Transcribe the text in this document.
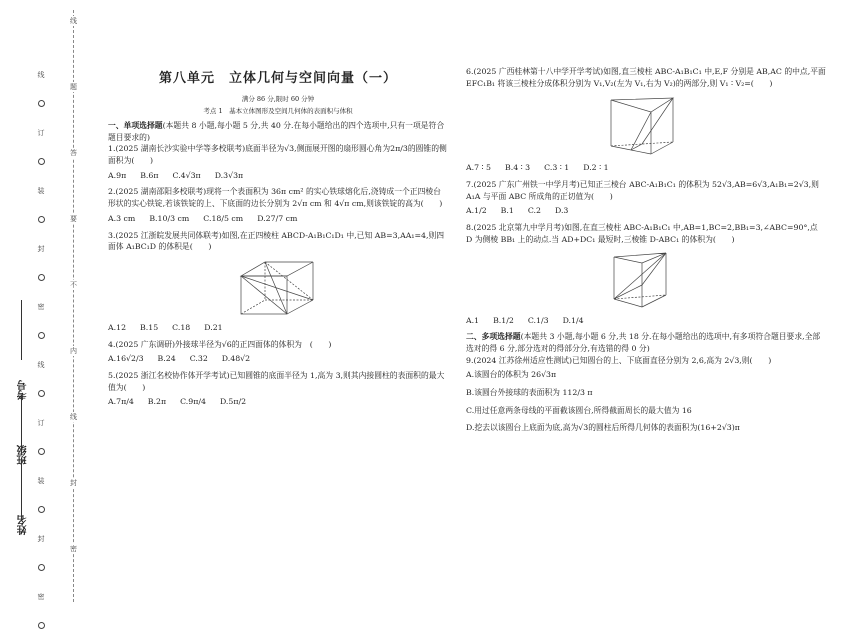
线
订
装
封
密
线
订
装
封
密
考号
班级
姓名
线
题
答
要
不
内
线
封
密
第八单元　立体几何与空间向量（一）
满分 86 分,限时 60 分钟
考点 1　基本立体图形及空间几何体的表面积与体积
一、单项选择题(本题共 8 小题,每小题 5 分,共 40 分.在每小题给出的四个选项中,只有一项是符合题目要求的)

1.(2025 湖南长沙实验中学等多校联考)底面半径为√3,侧面展开图的扇形圆心角为2π/3的圆锥的侧面积为(　　)

A.9π B.6π C.4√3π D.3√3π

2.(2025 湖南邵阳多校联考)现将一个表面积为 36π cm² 的实心铁球熔化后,浇铸成一个正四棱台形状的实心铁锭,若该铁锭的上、下底面的边长分别为 2√π cm 和 4√π cm,则该铁锭的高为(　　)

A.3 cm B.10/3 cm C.18/5 cm D.27/7 cm

3.(2025 江浙皖发展共同体联考)如图,在正四棱柱 ABCD-A₁B₁C₁D₁ 中,已知 AB=3,AA₁=4,则四面体 A₁BC₁D 的体积是(　　)

A.12 B.15 C.18 D.21

4.(2025 广东调研)外接球半径为√6的正四面体的体积为　(　　)

A.16√2/3 B.24 C.32 D.48√2

5.(2025 浙江名校协作体开学考试)已知圆锥的底面半径为 1,高为 3,则其内接圆柱的表面积的最大值为(　　)

A.7π/4 B.2π C.9π/4 D.5π/2

6.(2025 广西桂林第十八中学开学考试)如图,直三棱柱 ABC-A₁B₁C₁ 中,E,F 分别是 AB,AC 的中点,平面 EFC₁B₁ 将该三棱柱分成体积分别为 V₁,V₂(左为 V₁,右为 V₂)的两部分,则 V₁ ∶ V₂=(　　)

A.7 ∶ 5 B.4 ∶ 3 C.3 ∶ 1 D.2 ∶ 1

7.(2025 广东广州铁一中学月考)已知正三棱台 ABC-A₁B₁C₁ 的体积为 52√3,AB=6√3,A₁B₁=2√3,则 A₁A 与平面 ABC 所成角的正切值为(　　)

A.1/2 B.1 C.2 D.3

8.(2025 北京第九中学月考)如图,在直三棱柱 ABC-A₁B₁C₁ 中,AB=1,BC=2,BB₁=3,∠ABC=90°,点 D 为侧棱 BB₁ 上的动点.当 AD+DC₁ 最短时,三棱锥 D-ABC₁ 的体积为(　　)

A.1 B.1/2 C.1/3 D.1/4
二、多项选择题(本题共 3 小题,每小题 6 分,共 18 分.在每小题给出的选项中,有多项符合题目要求,全部选对的得 6 分,部分选对的得部分分,有选错的得 0 分)

9.(2024 江苏徐州适应性测试)已知圆台的上、下底面直径分别为 2,6,高为 2√3,则(　　)

A.该圆台的体积为 26√3π

B.该圆台外接球的表面积为 112/3 π

C.用过任意两条母线的平面截该圆台,所得截面周长的最大值为 16

D.挖去以该圆台上底面为底,高为√3的圆柱后所得几何体的表面积为(16+2√3)π
